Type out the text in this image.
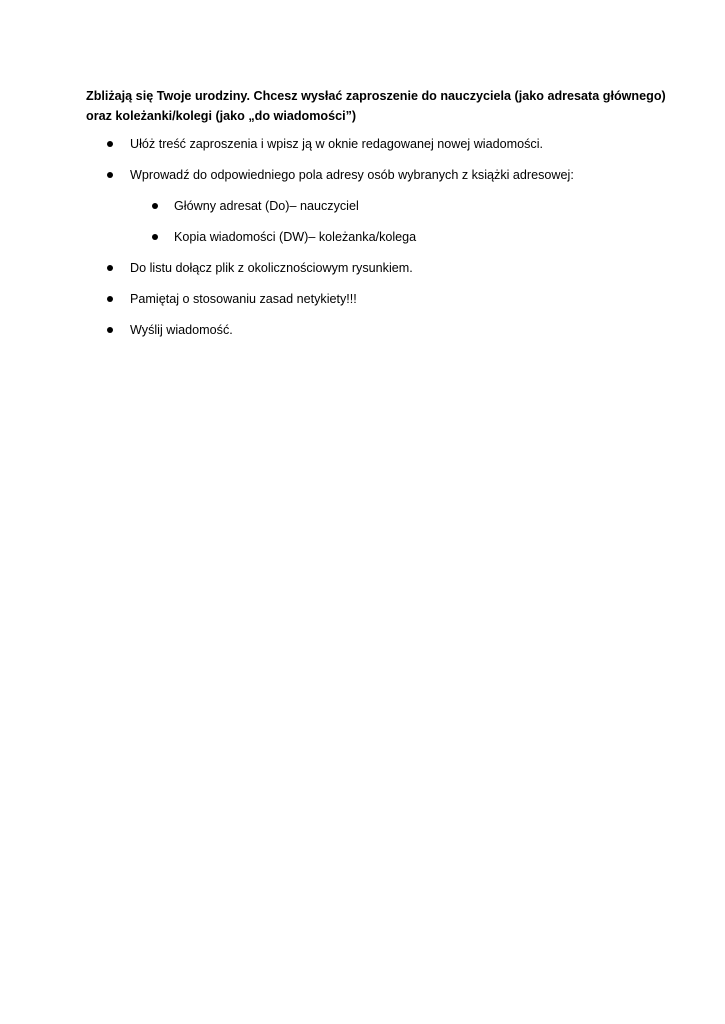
Zbliżają się Twoje urodziny. Chcesz wysłać zaproszenie do nauczyciela (jako adresata głównego)
oraz koleżanki/kolegi (jako „do wiadomości”)

Ułóż treść zaproszenia i wpisz ją w oknie redagowanej nowej wiadomości.
Wprowadź do odpowiedniego pola adresy osób wybranych z książki adresowej:
Główny adresat (Do)– nauczyciel
Kopia wiadomości (DW)– koleżanka/kolega
Do listu dołącz plik z okolicznościowym rysunkiem.
Pamiętaj o stosowaniu zasad netykiety!!!
Wyślij wiadomość.
